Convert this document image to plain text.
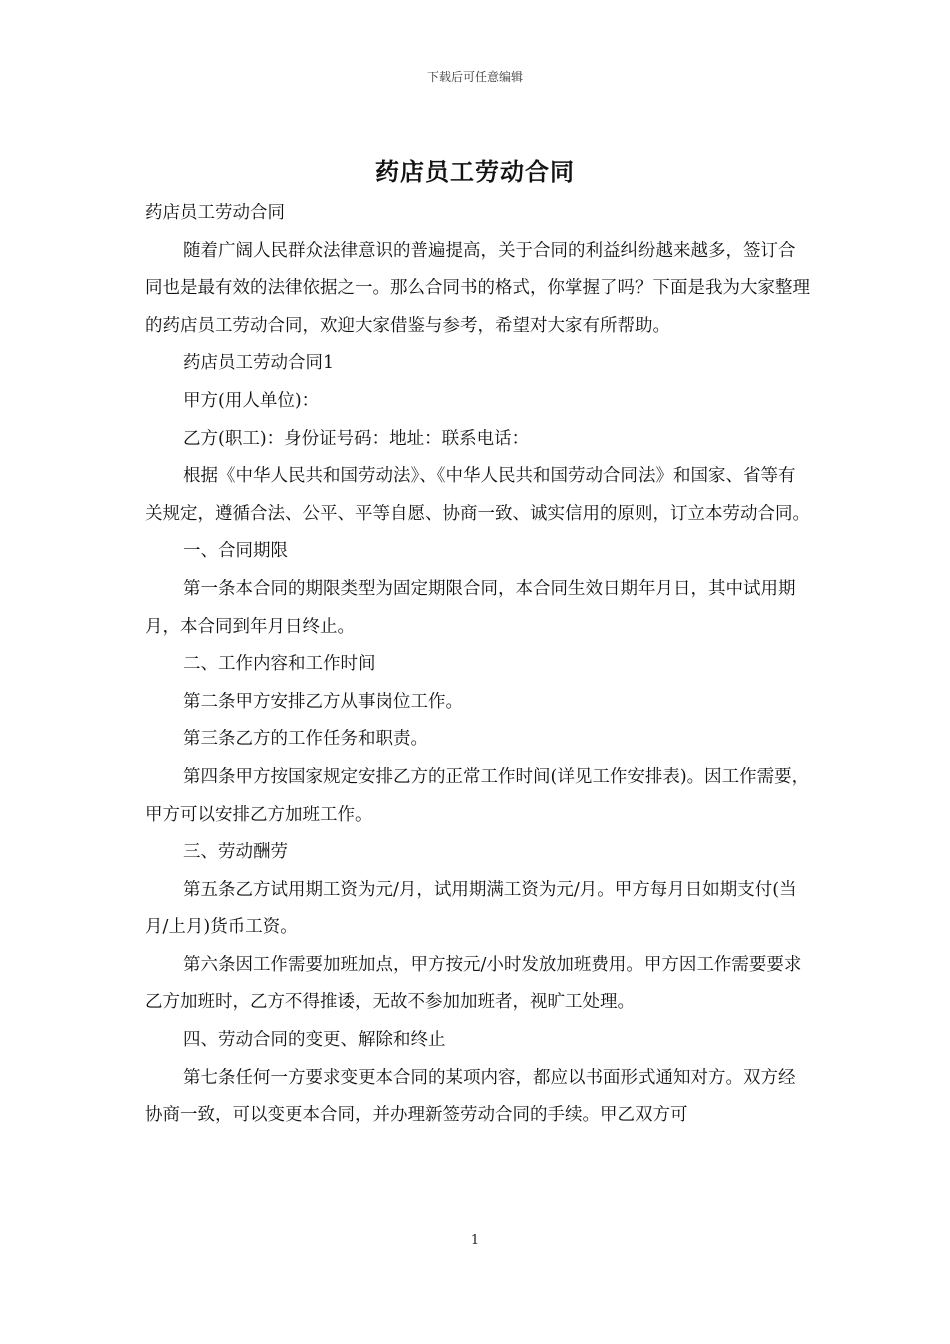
下载后可任意编辑
药店员工劳动合同

药店员工劳动合同

随着广阔人民群众法律意识的普遍提高，关于合同的利益纠纷越来越多，签订合同也是最有效的法律依据之一。那么合同书的格式，你掌握了吗？下面是我为大家整理的药店员工劳动合同，欢迎大家借鉴与参考，希望对大家有所帮助。

药店员工劳动合同1

甲方(用人单位)：

乙方(职工)：身份证号码：地址：联系电话：

根据《中华人民共和国劳动法》、《中华人民共和国劳动合同法》和国家、省等有关规定，遵循合法、公平、平等自愿、协商一致、诚实信用的原则，订立本劳动合同。

一、合同期限

第一条本合同的期限类型为固定期限合同，本合同生效日期年月日，其中试用期月，本合同到年月日终止。

二、工作内容和工作时间

第二条甲方安排乙方从事岗位工作。

第三条乙方的工作任务和职责。

第四条甲方按国家规定安排乙方的正常工作时间(详见工作安排表)。因工作需要，甲方可以安排乙方加班工作。

三、劳动酬劳

第五条乙方试用期工资为元/月，试用期满工资为元/月。甲方每月日如期支付(当月/上月)货币工资。

第六条因工作需要加班加点，甲方按元/小时发放加班费用。甲方因工作需要要求乙方加班时，乙方不得推诿，无故不参加加班者，视旷工处理。

四、劳动合同的变更、解除和终止

第七条任何一方要求变更本合同的某项内容，都应以书面形式通知对方。双方经协商一致，可以变更本合同，并办理新签劳动合同的手续。甲乙双方可

1
